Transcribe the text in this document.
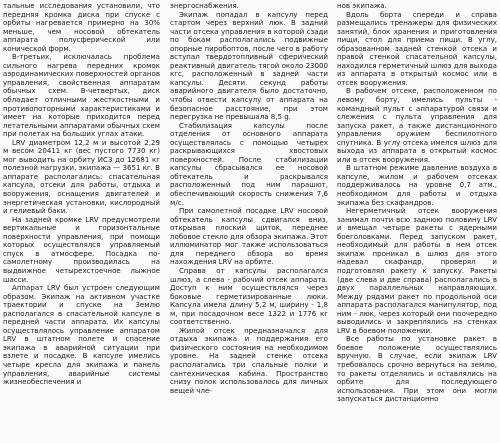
тальные исследования установили, что передняя кромка диска при спуске с орбиты нагревается примерно на 30% меньше, чем носовой обтекатель аппарата полусферической или конической форм.

В-третьих, исключалась проблема сильного нагрева передних кромок аэродинамических поверхностей органов управления, свойственная аппаратам обычных схем. В-четвертых, диск обладает отличными жесткостными и противопоторными характеристиками и имеет на которые приходится перед летательными аппаратами обычных схем при полетах на больших углах атаки.

LRV диаметром 12,2 м и высотой 2,29 м весом 20411 кг (вес пустого 7730 кг) мог выводить на орбиту ИСЗ до 12681 кг полезной нагрузки, экипажа — 3651 кг. В аппарате располагались: спасательная капсула, отсеки для работы, отдыха и вооружения, оснащения двигателей и энергетическая установки, кислородный и гелиевый баки.

На задней кромке LRV предусмотрели вертикальные и горизонтальные поверхности управления, при помощи которых осуществлялся управляемый спуск в атмосфере. Посадка по-самолетному производилась на выдвижное четырехстоечное лыжное шасси.

Аппарат LRV был устроен следующим образом. Экипаж на активном участке траектории и спуске на Землю располагался в спасательной капсуле в передней части аппарата. Их капсулы осуществлялось управление аппаратом LRV в штатном полете и спасение экипажа в аварийной ситуации при взлете и посадке. В капсуле имелись четыре кресла для экипажа и панель управления, аварийные системы жизнеобеспечения и

энергоснабжения.

Экипаж попадал в капсулу перед стартом через верхний люк. В задний части отсека управления в которой сзади по бокам располагались подвижные опорные пиробоптов, после чего в работу вступал твердотопливный сферический реактивный двигатель тягой около 23000 кгс, расположенный в задней части капсулы. Десяти секунд работы аварийного двигателя было достаточно, чтобы отвести капсулу от аппарата на безопасное расстояние, при этом перегрузка не превышала 8,5 g.

Стабилизация капсулы после отделения от основного аппарата осуществлялась с помощью четырех раскрывающихся хвостовых поверхностей. После стабилизации капсулы сбрасывался ее носовой обтекатель и раскрывался расположенный под ним парашют, обеспечивающий скорость снижения 7,6 м/с.

При самолетной посадке LRV носовой обтекатель капсулы сдвигался вниз, открывая плоский щиток, переднее лобовое стекло для обзора экипажа. Этот иллюминатор мог также использоваться для переднего обзора во время нахождения LRV на орбите.

Справа от капсулы располагался шлюз, а слева - рабочий отсек аппарата. Доступ к ним осуществлялся через боковые герметизированные люки. Капсула имела длину 5,2 м, ширину - 1,8 м, при посадочном весе 1322 и 1776 кг соответственно.

Жилой отсек предназначался для отдыха экипажа и поддержания его физического состояния на необходимом уровне. На задней стенке отсека располагались три спальные полки и сантехническая кабина. Пространство снизу полок использовалось для личных вещей чле-

нов экипажа.

Вдоль борта спереди и справа размещались тренажеры для физических занятий, блок хранения и приготовления пищи, стол для приема пищи. В углу, образованном задней стенкой отсека и правой стенкой спасательной капсулы, находился герметичный шлюз для выхода из аппарата в открытый космос или в отсек вооружения.

В рабочем отсеке, расположенном по левому борту, имелись пульты - командный пульт с аппаратурой связи и слежения с пульта управления для запуска ракет, а также дистанционного управления оружием беспилотного спутника. В углу отсека имелся шлюз для выхода из аппарата в открытый космос или в отсек вооружения.

В штатном режиме давление воздуха в капсуле, жилом и рабочем отсеках поддерживалось на уровне 0,7 атм., необходимом для работы и отдыха экипажа без скафандров.

Негерметичный отсек вооружения занимал почти всю заднюю половину LRV и вмещал четыре ракеты с ядерными боеголовками. Перед запуском ракет, необходимый для работы в нем отсек экипаж проникал в шлюз для этого надевал скафандр, проверял и подготовлял ракету к запуску. Ракеты (две слева и две справа) располагались в двух параллельных направляющих. Между рядами ракет по продольной оси аппарата располагался манипулятор, под ним - люк, через который они поочередно выводились и закреплялись на стенках LRV в боевом положении.

Все работы по установке ракет в боевое положение осуществлялись вручную. В случае, если экипаж LRV требовалось срочно вернуться на землю, то ракеты отделялись и оставлялись на орбите для последующего использования. При этом они могли запускаться дистанционно
